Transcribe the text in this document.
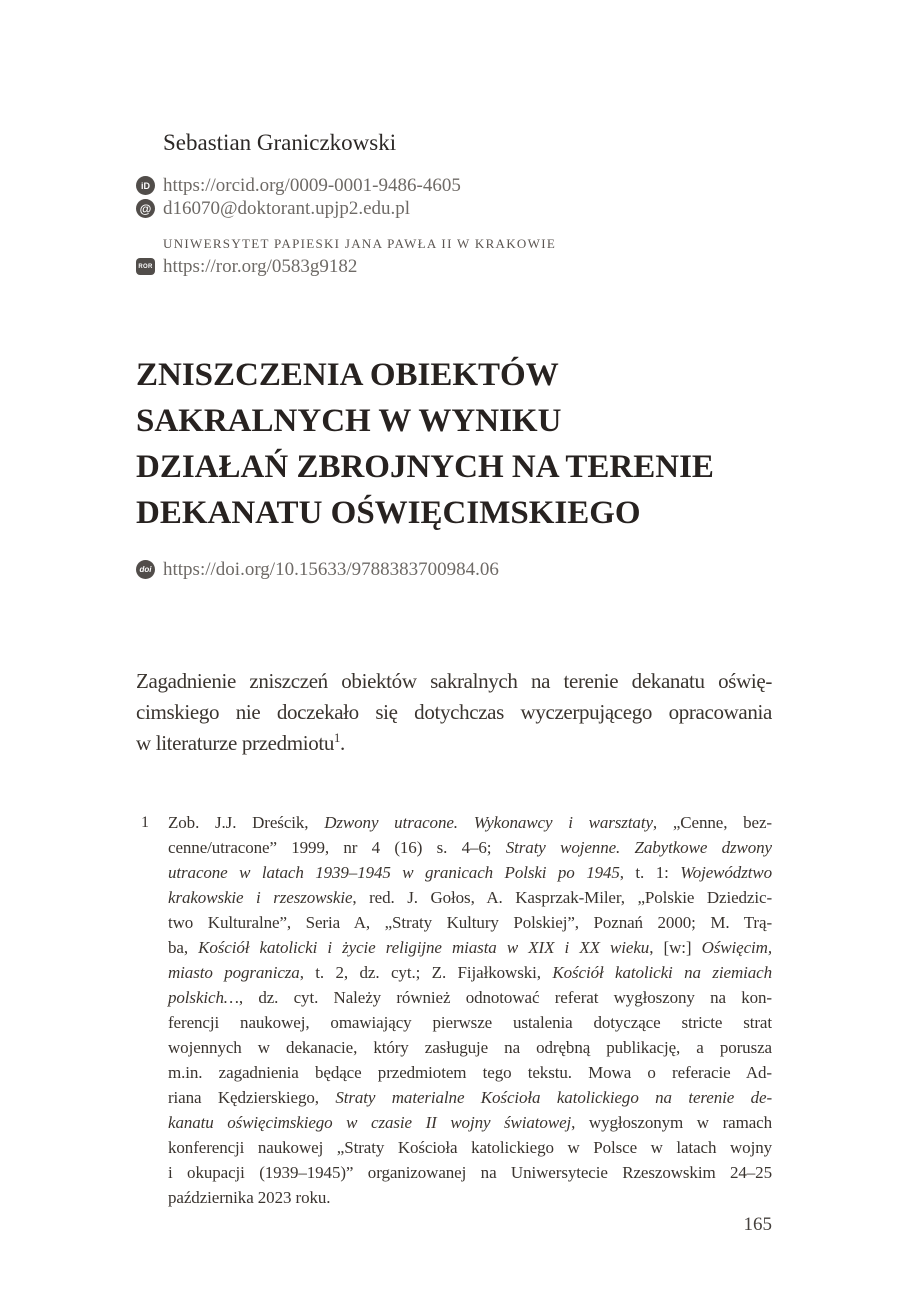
Sebastian Graniczkowski
iD https://orcid.org/0009-0001-9486-4605
@ d16070@doktorant.upjp2.edu.pl
UNIWERSYTET PAPIESKI JANA PAWŁA II W KRAKOWIE
ROR https://ror.org/0583g9182
ZNISZCZENIA OBIEKTÓW
SAKRALNYCH W WYNIKU
DZIAŁAŃ ZBROJNYCH NA TERENIE
DEKANATU OŚWIĘCIMSKIEGO
doi https://doi.org/10.15633/9788383700984.06
Zagadnienie zniszczeń obiektów sakralnych na terenie dekanatu oświę-
cimskiego nie doczekało się dotychczas wyczerpującego opracowania
w literaturze przedmiotu$^1$.
1	Zob. J.J. Dreścik, Dzwony utracone. Wykonawcy i warsztaty, „Cenne, bez-
cenne/utracone” 1999, nr 4 (16) s. 4–6; Straty wojenne. Zabytkowe dzwony
utracone w latach 1939–1945 w granicach Polski po 1945, t. 1: Województwo
krakowskie i rzeszowskie, red. J. Gołos, A. Kasprzak-Miler, „Polskie Dziedzic-
two Kulturalne”, Seria A, „Straty Kultury Polskiej”, Poznań 2000; M. Trą-
ba, Kościół katolicki i życie religijne miasta w XIX i XX wieku, [w:] Oświęcim,
miasto pogranicza, t. 2, dz. cyt.; Z. Fijałkowski, Kościół katolicki na ziemiach
polskich…, dz. cyt. Należy również odnotować referat wygłoszony na kon-
ferencji naukowej, omawiający pierwsze ustalenia dotyczące stricte strat
wojennych w dekanacie, który zasługuje na odrębną publikację, a porusza
m.in. zagadnienia będące przedmiotem tego tekstu. Mowa o referacie Ad-
riana Kędzierskiego, Straty materialne Kościoła katolickiego na terenie de-
kanatu oświęcimskiego w czasie II wojny światowej, wygłoszonym w ramach
konferencji naukowej „Straty Kościoła katolickiego w Polsce w latach wojny
i okupacji (1939–1945)” organizowanej na Uniwersytecie Rzeszowskim 24–25
października 2023 roku.
165
